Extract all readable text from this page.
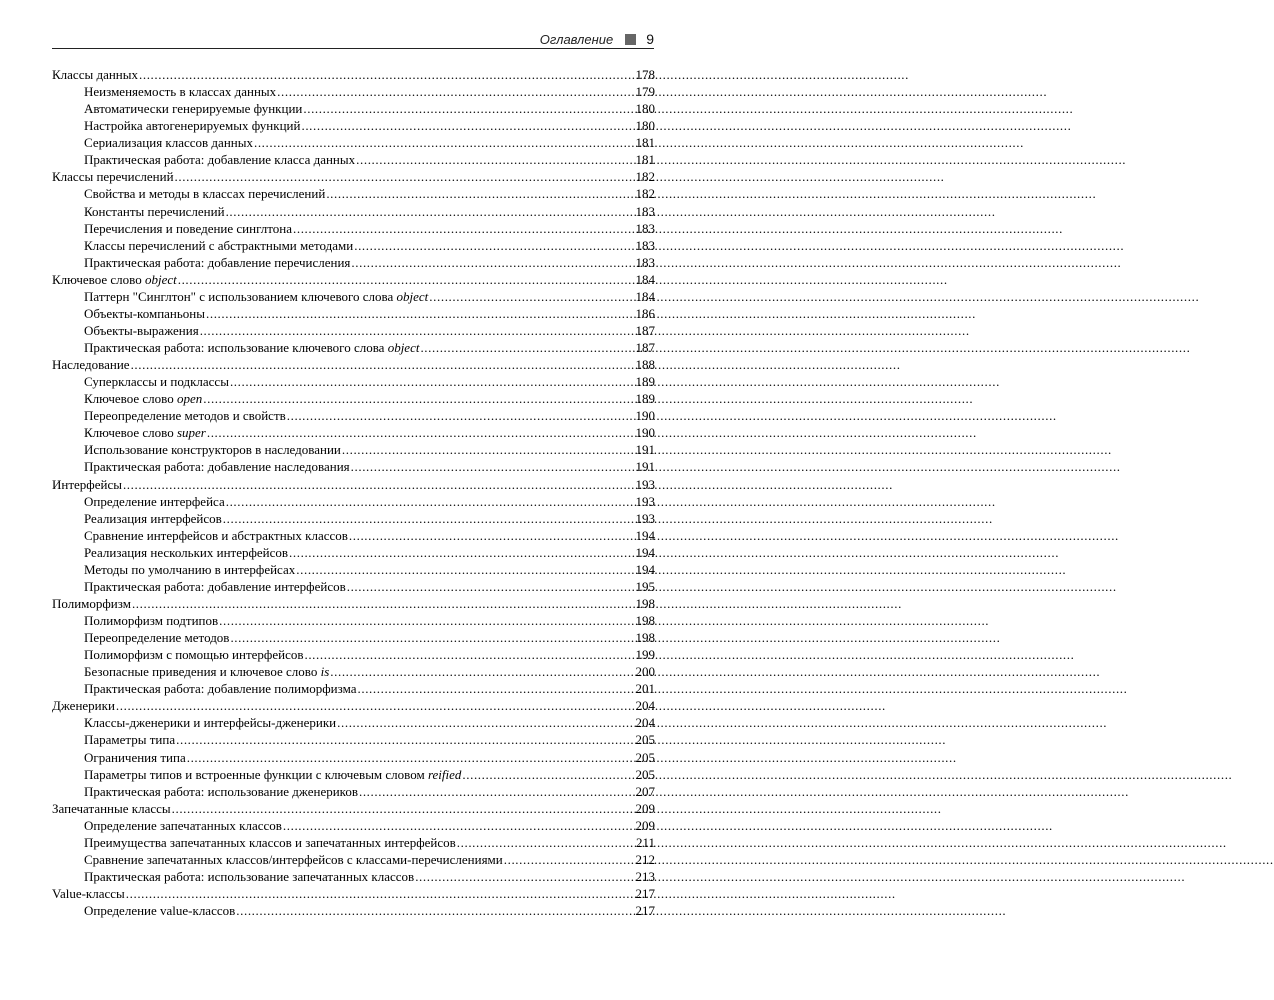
Оглавление 9
Классы данных .....	178
Неизменяемость в классах данных .....	179
Автоматически генерируемые функции .....	180
Настройка автогенерируемых функций .....	180
Сериализация классов данных .....	181
Практическая работа: добавление класса данных .....	181
Классы перечислений .....	182
Свойства и методы в классах перечислений .....	182
Константы перечислений .....	183
Перечисления и поведение синглтона .....	183
Классы перечислений с абстрактными методами .....	183
Практическая работа: добавление перечисления .....	183
Ключевое слово object .....	184
Паттерн "Синглтон" с использованием ключевого слова object .....	184
Объекты-компаньоны .....	186
Объекты-выражения .....	187
Практическая работа: использование ключевого слова object .....	187
Наследование .....	188
Суперклассы и подклассы .....	189
Ключевое слово open .....	189
Переопределение методов и свойств .....	190
Ключевое слово super .....	190
Использование конструкторов в наследовании .....	191
Практическая работа: добавление наследования .....	191
Интерфейсы .....	193
Определение интерфейса .....	193
Реализация интерфейсов .....	193
Сравнение интерфейсов и абстрактных классов .....	194
Реализация нескольких интерфейсов .....	194
Методы по умолчанию в интерфейсах .....	194
Практическая работа: добавление интерфейсов .....	195
Полиморфизм .....	198
Полиморфизм подтипов .....	198
Переопределение методов .....	198
Полиморфизм с помощью интерфейсов .....	199
Безопасные приведения и ключевое слово is .....	200
Практическая работа: добавление полиморфизма .....	201
Дженерики .....	204
Классы-дженерики и интерфейсы-дженерики .....	204
Параметры типа .....	205
Ограничения типа .....	205
Параметры типов и встроенные функции с ключевым словом reified .....	205
Практическая работа: использование дженериков .....	207
Запечатанные классы .....	209
Определение запечатанных классов .....	209
Преимущества запечатанных классов и запечатанных интерфейсов .....	211
Сравнение запечатанных классов/интерфейсов с классами-перечислениями .....	212
Практическая работа: использование запечатанных классов .....	213
Value-классы .....	217
Определение value-классов .....	217
